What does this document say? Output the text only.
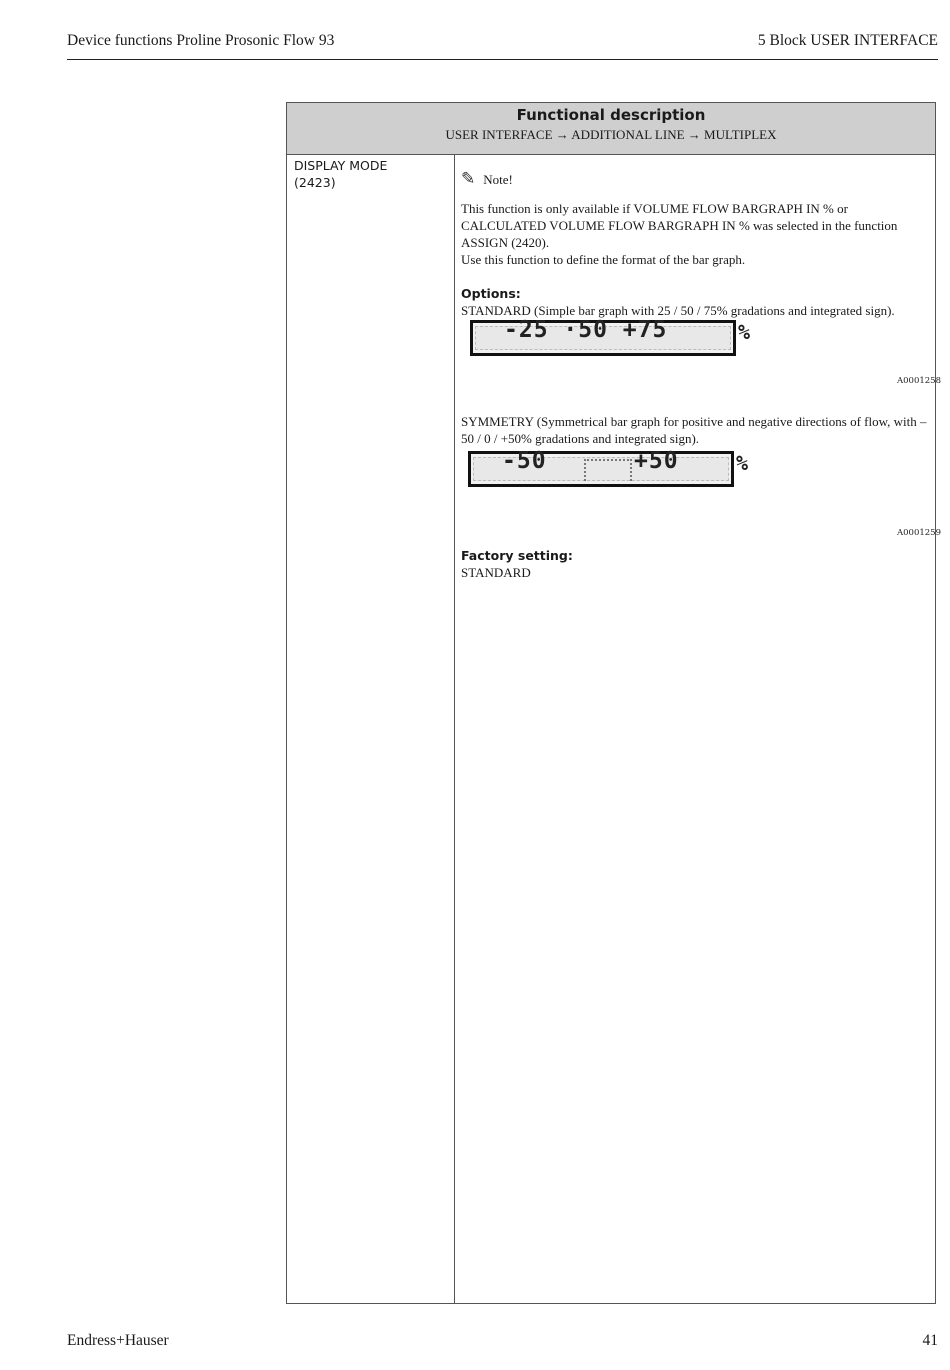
Device functions Proline Prosonic Flow 93	5 Block USER INTERFACE
Functional description
USER INTERFACE → ADDITIONAL LINE → MULTIPLEX
DISPLAY MODE
(2423)	✎ Note!

This function is only available if VOLUME FLOW BARGRAPH IN % or CALCULATED VOLUME FLOW BARGRAPH IN % was selected in the function ASSIGN (2420).

Use this function to define the format of the bar graph.

Options:

STANDARD (Simple bar graph with 25 / 50 / 75% gradations and integrated sign).

-25 ·50 +75	%
A0001258

SYMMETRY (Symmetrical bar graph for positive and negative directions of flow, with –50 / 0 / +50% gradations and integrated sign).

-50	+50	%
A0001259

Factory setting:

STANDARD

Endress+Hauser	41
